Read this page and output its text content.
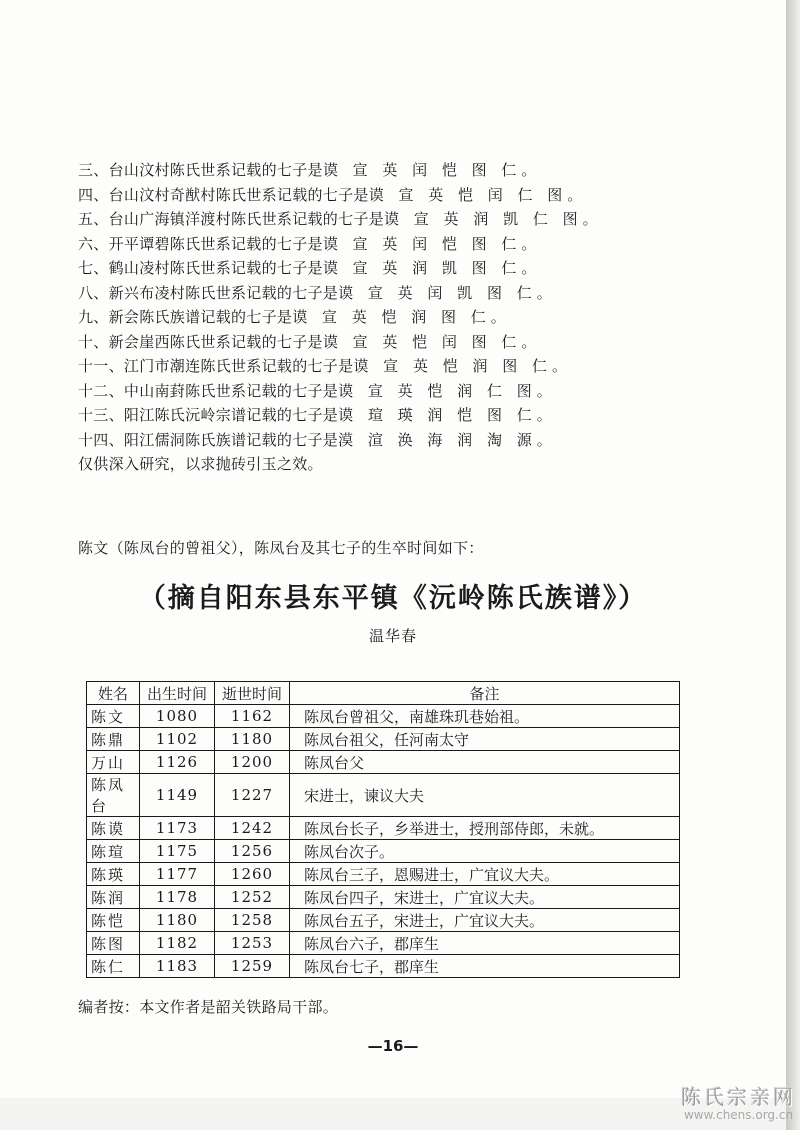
三、台山汶村陈氏世系记载的七子是谟 宣 英 闰 恺 图 仁。
四、台山汶村奇猷村陈氏世系记载的七子是谟 宣 英 恺 闰 仁 图。
五、台山广海镇洋渡村陈氏世系记载的七子是谟 宣 英 润 凯 仁 图。
六、开平谭碧陈氏世系记载的七子是谟 宣 英 闰 恺 图 仁。
七、鹤山凌村陈氏世系记载的七子是谟 宣 英 润 凯 图 仁。
八、新兴布凌村陈氏世系记载的七子是谟 宣 英 闰 凯 图 仁。
九、新会陈氏族谱记载的七子是谟 宣 英 恺 润 图 仁。
十、新会崖西陈氏世系记载的七子是谟 宣 英 恺 闰 图 仁。
十一、江门市潮连陈氏世系记载的七子是谟 宣 英 恺 润 图 仁。
十二、中山南葑陈氏世系记载的七子是谟 宣 英 恺 润 仁 图。
十三、阳江陈氏沅岭宗谱记载的七子是谟 瑄 瑛 润 恺 图 仁。
十四、阳江儒洞陈氏族谱记载的七子是漠 渲 涣 海 润 淘 源。
仅供深入研究，以求抛砖引玉之效。
陈文（陈凤台的曾祖父），陈凤台及其七子的生卒时间如下：
（摘自阳东县东平镇《沅岭陈氏族谱》）
温华春
姓名	出生时间	逝世时间	备注
陈文	1080	1162	陈凤台曾祖父，南雄珠玑巷始祖。
陈鼎	1102	1180	陈凤台祖父，任河南太守
万山	1126	1200	陈凤台父
陈凤台	1149	1227	宋进士，谏议大夫
陈谟	1173	1242	陈凤台长子，乡举进士，授刑部侍郎，未就。
陈瑄	1175	1256	陈凤台次子。
陈瑛	1177	1260	陈凤台三子，恩赐进士，广宜议大夫。
陈润	1178	1252	陈凤台四子，宋进士，广宜议大夫。
陈恺	1180	1258	陈凤台五子，宋进士，广宜议大夫。
陈图	1182	1253	陈凤台六子，郡庠生
陈仁	1183	1259	陈凤台七子，郡庠生
编者按：本文作者是韶关铁路局干部。
—16—
陈氏宗亲网
www.chens.org.cn
